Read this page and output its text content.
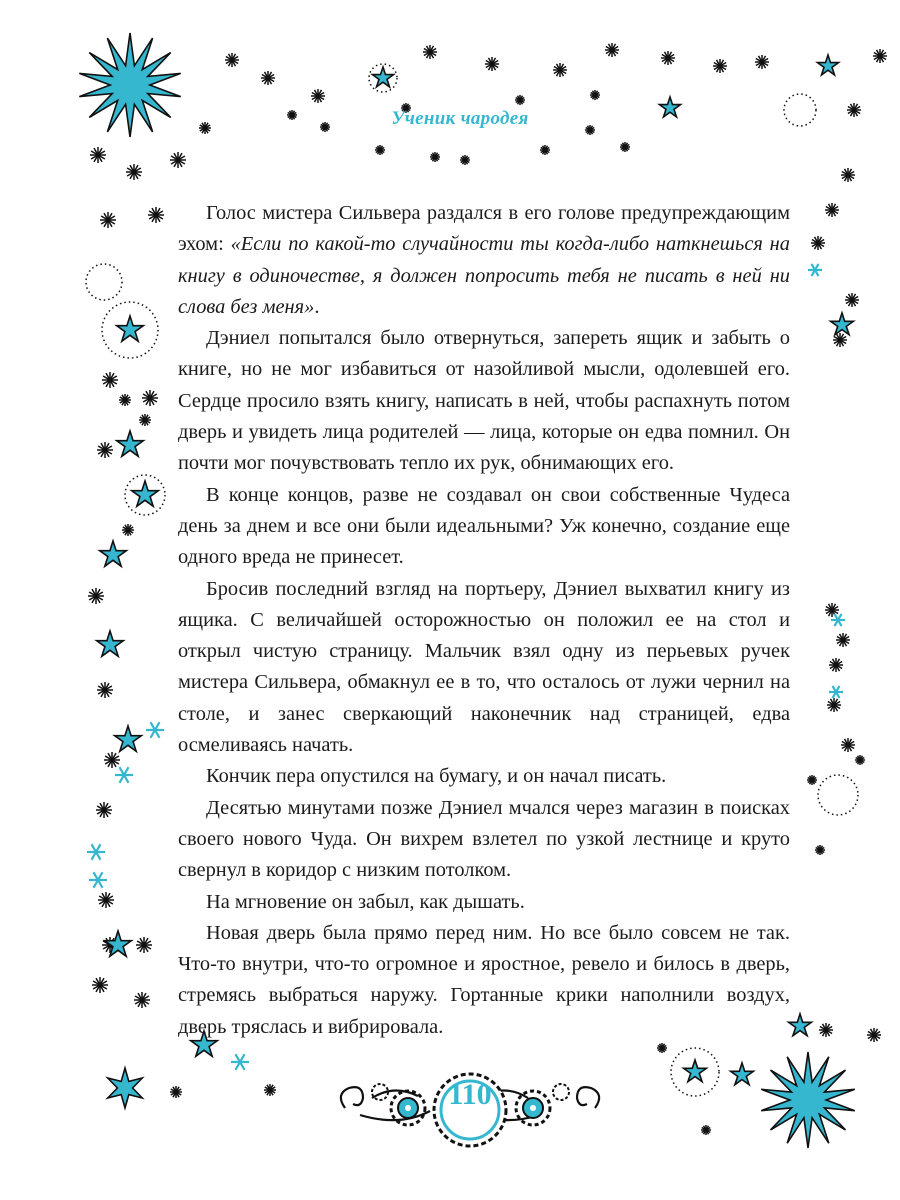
Ученик чародея

Голос мистера Сильвера раздался в его голове предупреждающим эхом: «Если по какой-то случайности ты когда-либо наткнешься на книгу в одиночестве, я должен попросить тебя не писать в ней ни слова без меня».

Дэниел попытался было отвернуться, запереть ящик и забыть о книге, но не мог избавиться от назойливой мысли, одолевшей его. Сердце просило взять книгу, написать в ней, чтобы распахнуть потом дверь и увидеть лица родителей — лица, которые он едва помнил. Он почти мог почувствовать тепло их рук, обнимающих его.

В конце концов, разве не создавал он свои собственные Чудеса день за днем и все они были идеальными? Уж конечно, создание еще одного вреда не принесет.

Бросив последний взгляд на портьеру, Дэниел выхватил книгу из ящика. С величайшей осторожностью он положил ее на стол и открыл чистую страницу. Мальчик взял одну из перьевых ручек мистера Сильвера, обмакнул ее в то, что осталось от лужи чернил на столе, и занес сверкающий наконечник над страницей, едва осмеливаясь начать.

Кончик пера опустился на бумагу, и он начал писать.

Десятью минутами позже Дэниел мчался через магазин в поисках своего нового Чуда. Он вихрем взлетел по узкой лестнице и круто свернул в коридор с низким потолком.

На мгновение он забыл, как дышать.

Новая дверь была прямо перед ним. Но все было совсем не так. Что-то внутри, что-то огромное и яростное, ревело и билось в дверь, стремясь выбраться наружу. Гортанные крики наполнили воздух, дверь тряслась и вибрировала.

110
